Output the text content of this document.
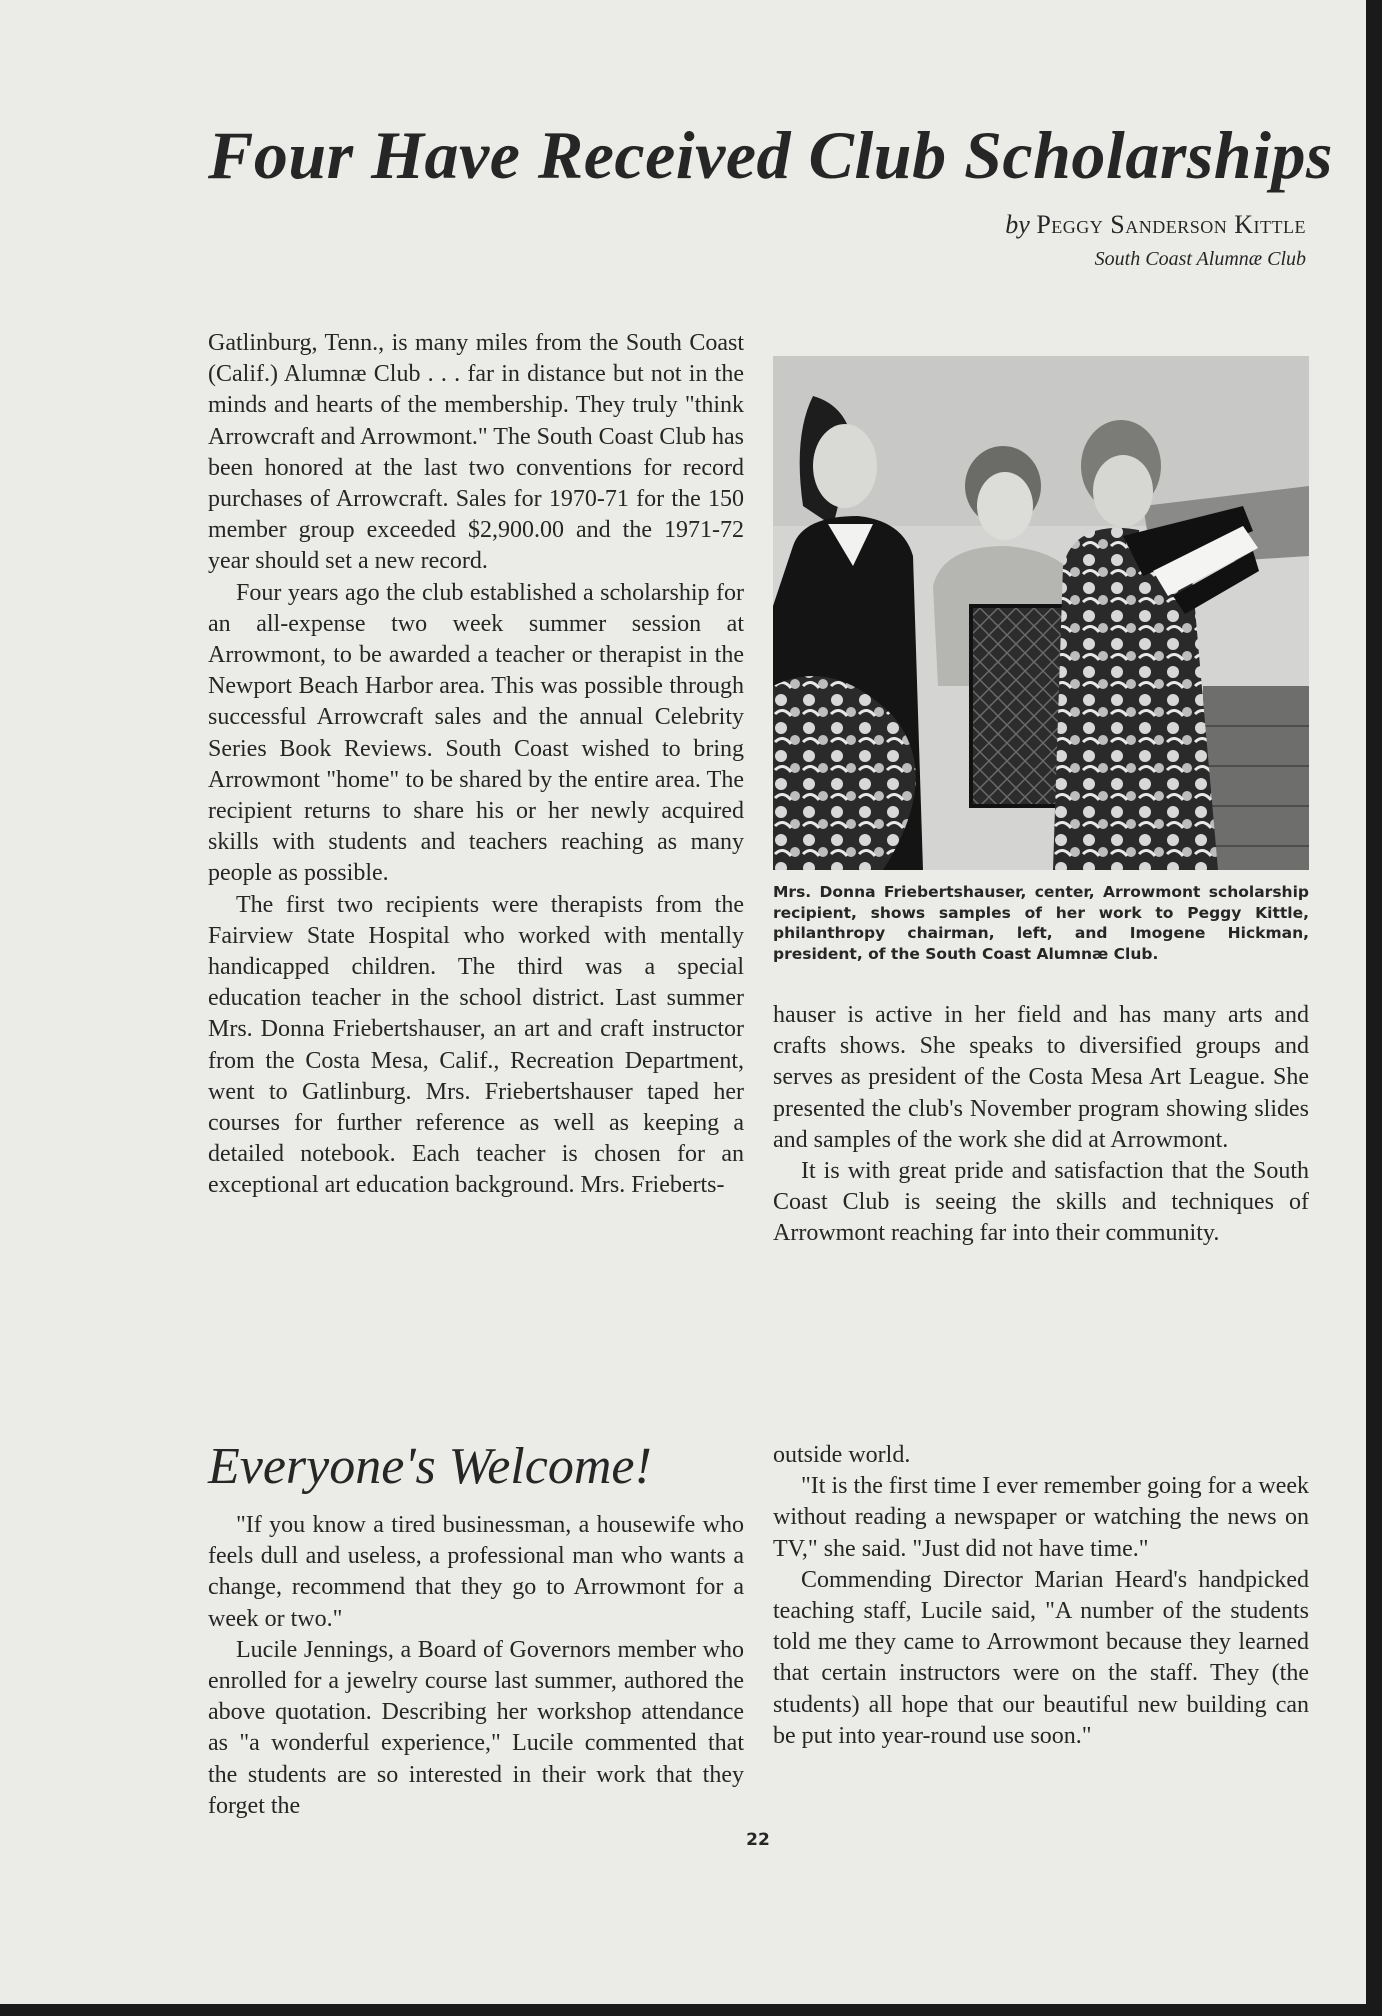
Four Have Received Club Scholarships
by Peggy Sanderson Kittle
South Coast Alumnæ Club

Gatlinburg, Tenn., is many miles from the South Coast (Calif.) Alumnæ Club . . . far in distance but not in the minds and hearts of the membership. They truly "think Arrowcraft and Arrowmont." The South Coast Club has been honored at the last two conventions for record purchases of Arrowcraft. Sales for 1970-71 for the 150 member group exceeded $2,900.00 and the 1971-72 year should set a new record.

Four years ago the club established a scholarship for an all-expense two week summer session at Arrowmont, to be awarded a teacher or therapist in the Newport Beach Harbor area. This was possible through successful Arrowcraft sales and the annual Celebrity Series Book Reviews. South Coast wished to bring Arrowmont "home" to be shared by the entire area. The recipient returns to share his or her newly acquired skills with students and teachers reaching as many people as possible.

The first two recipients were therapists from the Fairview State Hospital who worked with mentally handicapped children. The third was a special education teacher in the school district. Last summer Mrs. Donna Friebertshauser, an art and craft instructor from the Costa Mesa, Calif., Recreation Department, went to Gatlinburg. Mrs. Friebertshauser taped her courses for further reference as well as keeping a detailed notebook. Each teacher is chosen for an exceptional art education background. Mrs. Frieberts-

Mrs. Donna Friebertshauser, center, Arrowmont scholarship recipient, shows samples of her work to Peggy Kittle, philanthropy chairman, left, and Imogene Hickman, president, of the South Coast Alumnæ Club.

hauser is active in her field and has many arts and crafts shows. She speaks to diversified groups and serves as president of the Costa Mesa Art League. She presented the club's November program showing slides and samples of the work she did at Arrowmont.

It is with great pride and satisfaction that the South Coast Club is seeing the skills and techniques of Arrowmont reaching far into their community.

Everyone's Welcome!

"If you know a tired businessman, a housewife who feels dull and useless, a professional man who wants a change, recommend that they go to Arrowmont for a week or two."

Lucile Jennings, a Board of Governors member who enrolled for a jewelry course last summer, authored the above quotation. Describing her workshop attendance as "a wonderful experience," Lucile commented that the students are so interested in their work that they forget the

outside world.

"It is the first time I ever remember going for a week without reading a newspaper or watching the news on TV," she said. "Just did not have time."

Commending Director Marian Heard's handpicked teaching staff, Lucile said, "A number of the students told me they came to Arrowmont because they learned that certain instructors were on the staff. They (the students) all hope that our beautiful new building can be put into year-round use soon."

22
